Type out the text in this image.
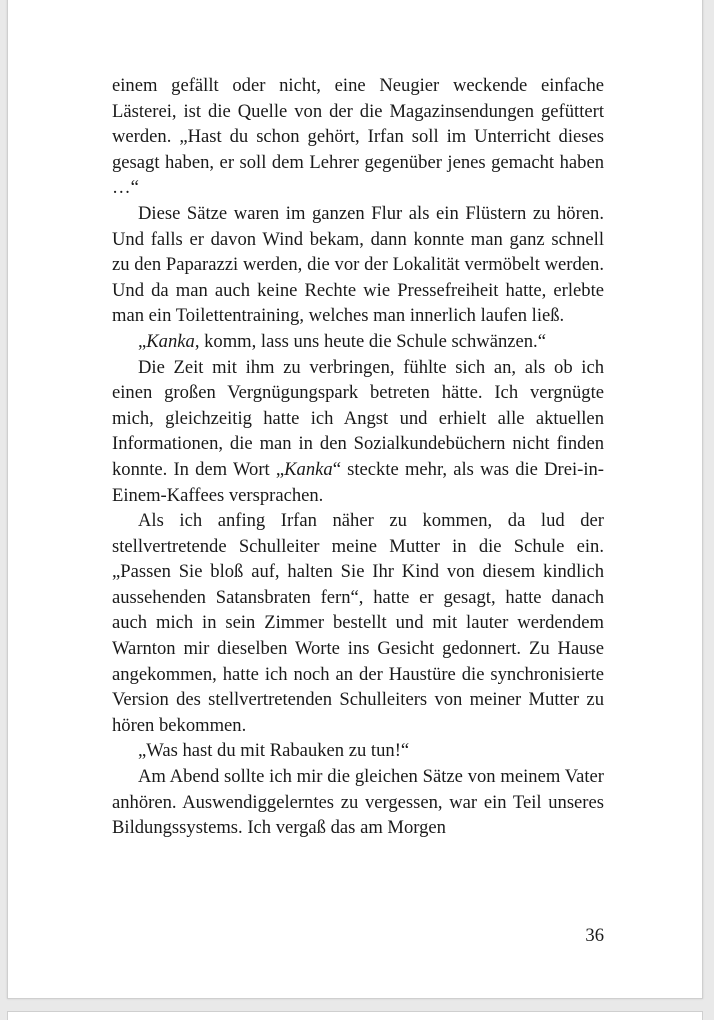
einem gefällt oder nicht, eine Neugier weckende einfache Lästerei, ist die Quelle von der die Magazinsendungen gefüttert werden. „Hast du schon gehört, Irfan soll im Unterricht dieses gesagt haben, er soll dem Lehrer gegenüber jenes gemacht haben …“

Diese Sätze waren im ganzen Flur als ein Flüstern zu hören. Und falls er davon Wind bekam, dann konnte man ganz schnell zu den Paparazzi werden, die vor der Lokalität vermöbelt werden. Und da man auch keine Rechte wie Pressefreiheit hatte, erlebte man ein Toilettentraining, welches man innerlich laufen ließ.

„Kanka, komm, lass uns heute die Schule schwänzen.“

Die Zeit mit ihm zu verbringen, fühlte sich an, als ob ich einen großen Vergnügungspark betreten hätte. Ich vergnügte mich, gleichzeitig hatte ich Angst und erhielt alle aktuellen Informationen, die man in den Sozialkundebüchern nicht finden konnte. In dem Wort „Kanka“ steckte mehr, als was die Drei-in-Einem-Kaffees versprachen.

Als ich anfing Irfan näher zu kommen, da lud der stellvertretende Schulleiter meine Mutter in die Schule ein. „Passen Sie bloß auf, halten Sie Ihr Kind von diesem kindlich aussehenden Satansbraten fern“, hatte er gesagt, hatte danach auch mich in sein Zimmer bestellt und mit lauter werdendem Warnton mir dieselben Worte ins Gesicht gedonnert. Zu Hause angekommen, hatte ich noch an der Haustüre die synchronisierte Version des stellvertretenden Schulleiters von meiner Mutter zu hören bekommen.

„Was hast du mit Rabauken zu tun!“

Am Abend sollte ich mir die gleichen Sätze von meinem Vater anhören. Auswendiggelerntes zu vergessen, war ein Teil unseres Bildungssystems. Ich vergaß das am Morgen

36
